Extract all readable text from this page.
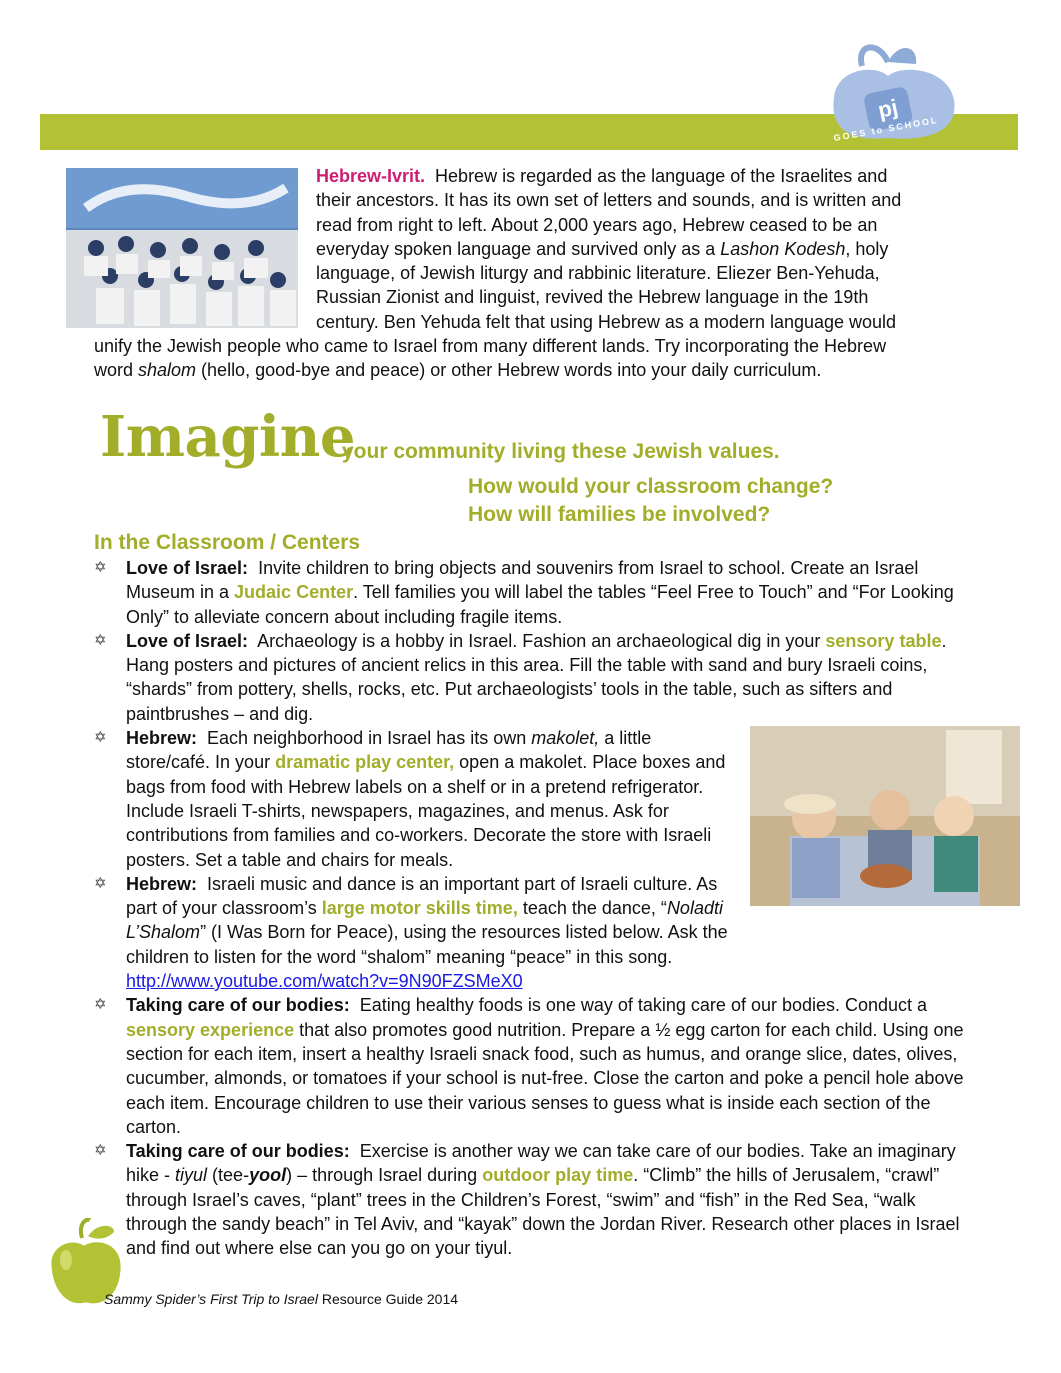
pj
GOES to SCHOOL
Hebrew-Ivrit. Hebrew is regarded as the language of the Israelites and
their ancestors. It has its own set of letters and sounds, and is written and
read from right to left. About 2,000 years ago, Hebrew ceased to be an
everyday spoken language and survived only as a Lashon Kodesh, holy
language, of Jewish liturgy and rabbinic literature. Eliezer Ben-Yehuda,
Russian Zionist and linguist, revived the Hebrew language in the 19th
century. Ben Yehuda felt that using Hebrew as a modern language would
unify the Jewish people who came to Israel from many different lands. Try incorporating the Hebrew
word shalom (hello, good-bye and peace) or other Hebrew words into your daily curriculum.
Imagine
your community living these Jewish values.
How would your classroom change?
How will families be involved?
In the Classroom / Centers
✡ Love of Israel: Invite children to bring objects and souvenirs from Israel to school. Create an Israel Museum in a Judaic Center. Tell families you will label the tables “Feel Free to Touch” and “For Looking Only” to alleviate concern about including fragile items.
✡ Love of Israel: Archaeology is a hobby in Israel. Fashion an archaeological dig in your sensory table. Hang posters and pictures of ancient relics in this area. Fill the table with sand and bury Israeli coins, “shards” from pottery, shells, rocks, etc. Put archaeologists’ tools in the table, such as sifters and paintbrushes – and dig.
✡ Hebrew: Each neighborhood in Israel has its own makolet, a little store/café. In your dramatic play center, open a makolet. Place boxes and bags from food with Hebrew labels on a shelf or in a pretend refrigerator. Include Israeli T-shirts, newspapers, magazines, and menus. Ask for contributions from families and co-workers. Decorate the store with Israeli posters. Set a table and chairs for meals.
✡ Hebrew: Israeli music and dance is an important part of Israeli culture. As part of your classroom’s large motor skills time, teach the dance, “Noladti L’Shalom” (I Was Born for Peace), using the resources listed below. Ask the children to listen for the word “shalom” meaning “peace” in this song.
http://www.youtube.com/watch?v=9N90FZSMeX0
✡ Taking care of our bodies: Eating healthy foods is one way of taking care of our bodies. Conduct a sensory experience that also promotes good nutrition. Prepare a ½ egg carton for each child. Using one section for each item, insert a healthy Israeli snack food, such as humus, and orange slice, dates, olives, cucumber, almonds, or tomatoes if your school is nut-free. Close the carton and poke a pencil hole above each item. Encourage children to use their various senses to guess what is inside each section of the carton.
✡ Taking care of our bodies: Exercise is another way we can take care of our bodies. Take an imaginary hike - tiyul (tee-yool) – through Israel during outdoor play time. “Climb” the hills of Jerusalem, “crawl” through Israel’s caves, “plant” trees in the Children’s Forest, “swim” and “fish” in the Red Sea, “walk through the sandy beach” in Tel Aviv, and “kayak” down the Jordan River. Research other places in Israel and find out where else can you go on your tiyul.
Sammy Spider’s First Trip to Israel Resource Guide 2014
